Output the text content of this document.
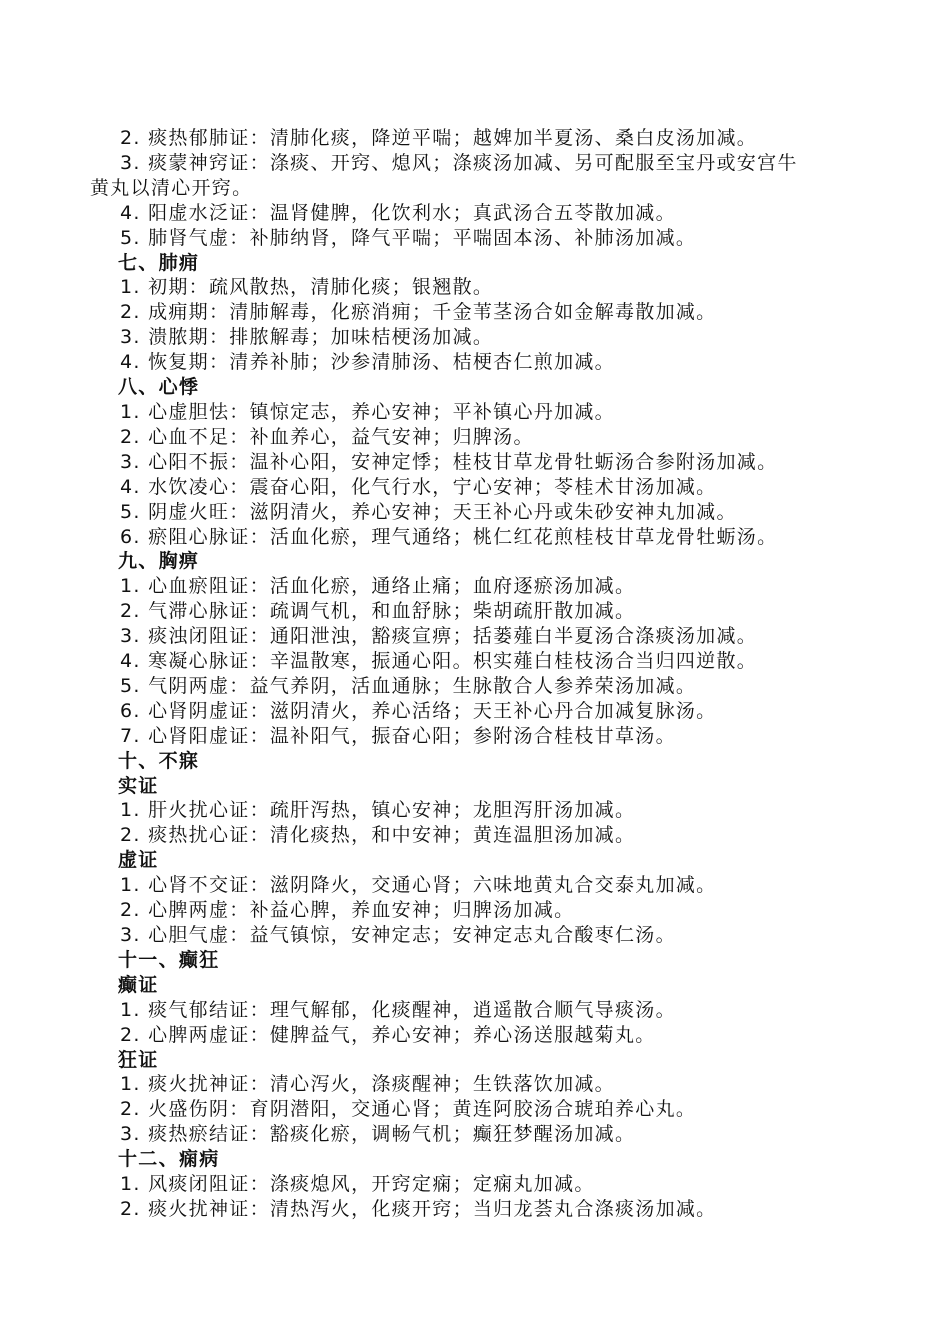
2. 痰热郁肺证：清肺化痰，降逆平喘；越婢加半夏汤、桑白皮汤加减。
3. 痰蒙神窍证：涤痰、开窍、熄风；涤痰汤加减、另可配服至宝丹或安宫牛
黄丸以清心开窍。
4. 阳虚水泛证：温肾健脾，化饮利水；真武汤合五苓散加减。
5. 肺肾气虚：补肺纳肾，降气平喘；平喘固本汤、补肺汤加减。
七、肺痈
1. 初期：疏风散热，清肺化痰；银翘散。
2. 成痈期：清肺解毒，化瘀消痈；千金苇茎汤合如金解毒散加减。
3. 溃脓期：排脓解毒；加味桔梗汤加减。
4. 恢复期：清养补肺；沙参清肺汤、桔梗杏仁煎加减。
八、心悸
1. 心虚胆怯：镇惊定志，养心安神；平补镇心丹加减。
2. 心血不足：补血养心，益气安神；归脾汤。
3. 心阳不振：温补心阳，安神定悸；桂枝甘草龙骨牡蛎汤合参附汤加减。
4. 水饮凌心：震奋心阳，化气行水，宁心安神；苓桂术甘汤加减。
5. 阴虚火旺：滋阴清火，养心安神；天王补心丹或朱砂安神丸加减。
6. 瘀阻心脉证：活血化瘀，理气通络；桃仁红花煎桂枝甘草龙骨牡蛎汤。
九、胸痹
1. 心血瘀阻证：活血化瘀，通络止痛；血府逐瘀汤加减。
2. 气滞心脉证：疏调气机，和血舒脉；柴胡疏肝散加减。
3. 痰浊闭阻证：通阳泄浊，豁痰宣痹；括蒌薤白半夏汤合涤痰汤加减。
4. 寒凝心脉证：辛温散寒，振通心阳。枳实薤白桂枝汤合当归四逆散。
5. 气阴两虚：益气养阴，活血通脉；生脉散合人参养荣汤加减。
6. 心肾阴虚证：滋阴清火，养心活络；天王补心丹合加减复脉汤。
7. 心肾阳虚证：温补阳气，振奋心阳；参附汤合桂枝甘草汤。
十、不寐
实证
1. 肝火扰心证：疏肝泻热，镇心安神；龙胆泻肝汤加减。
2. 痰热扰心证：清化痰热，和中安神；黄连温胆汤加减。
虚证
1. 心肾不交证：滋阴降火，交通心肾；六味地黄丸合交泰丸加减。
2. 心脾两虚：补益心脾，养血安神；归脾汤加减。
3. 心胆气虚：益气镇惊，安神定志；安神定志丸合酸枣仁汤。
十一、癫狂
癫证
1. 痰气郁结证：理气解郁，化痰醒神，逍遥散合顺气导痰汤。
2. 心脾两虚证：健脾益气，养心安神；养心汤送服越菊丸。
狂证
1. 痰火扰神证：清心泻火，涤痰醒神；生铁落饮加减。
2. 火盛伤阴：育阴潜阳，交通心肾；黄连阿胶汤合琥珀养心丸。
3. 痰热瘀结证：豁痰化瘀，调畅气机；癫狂梦醒汤加减。
十二、痫病
1. 风痰闭阻证：涤痰熄风，开窍定痫；定痫丸加减。
2. 痰火扰神证：清热泻火，化痰开窍；当归龙荟丸合涤痰汤加减。
